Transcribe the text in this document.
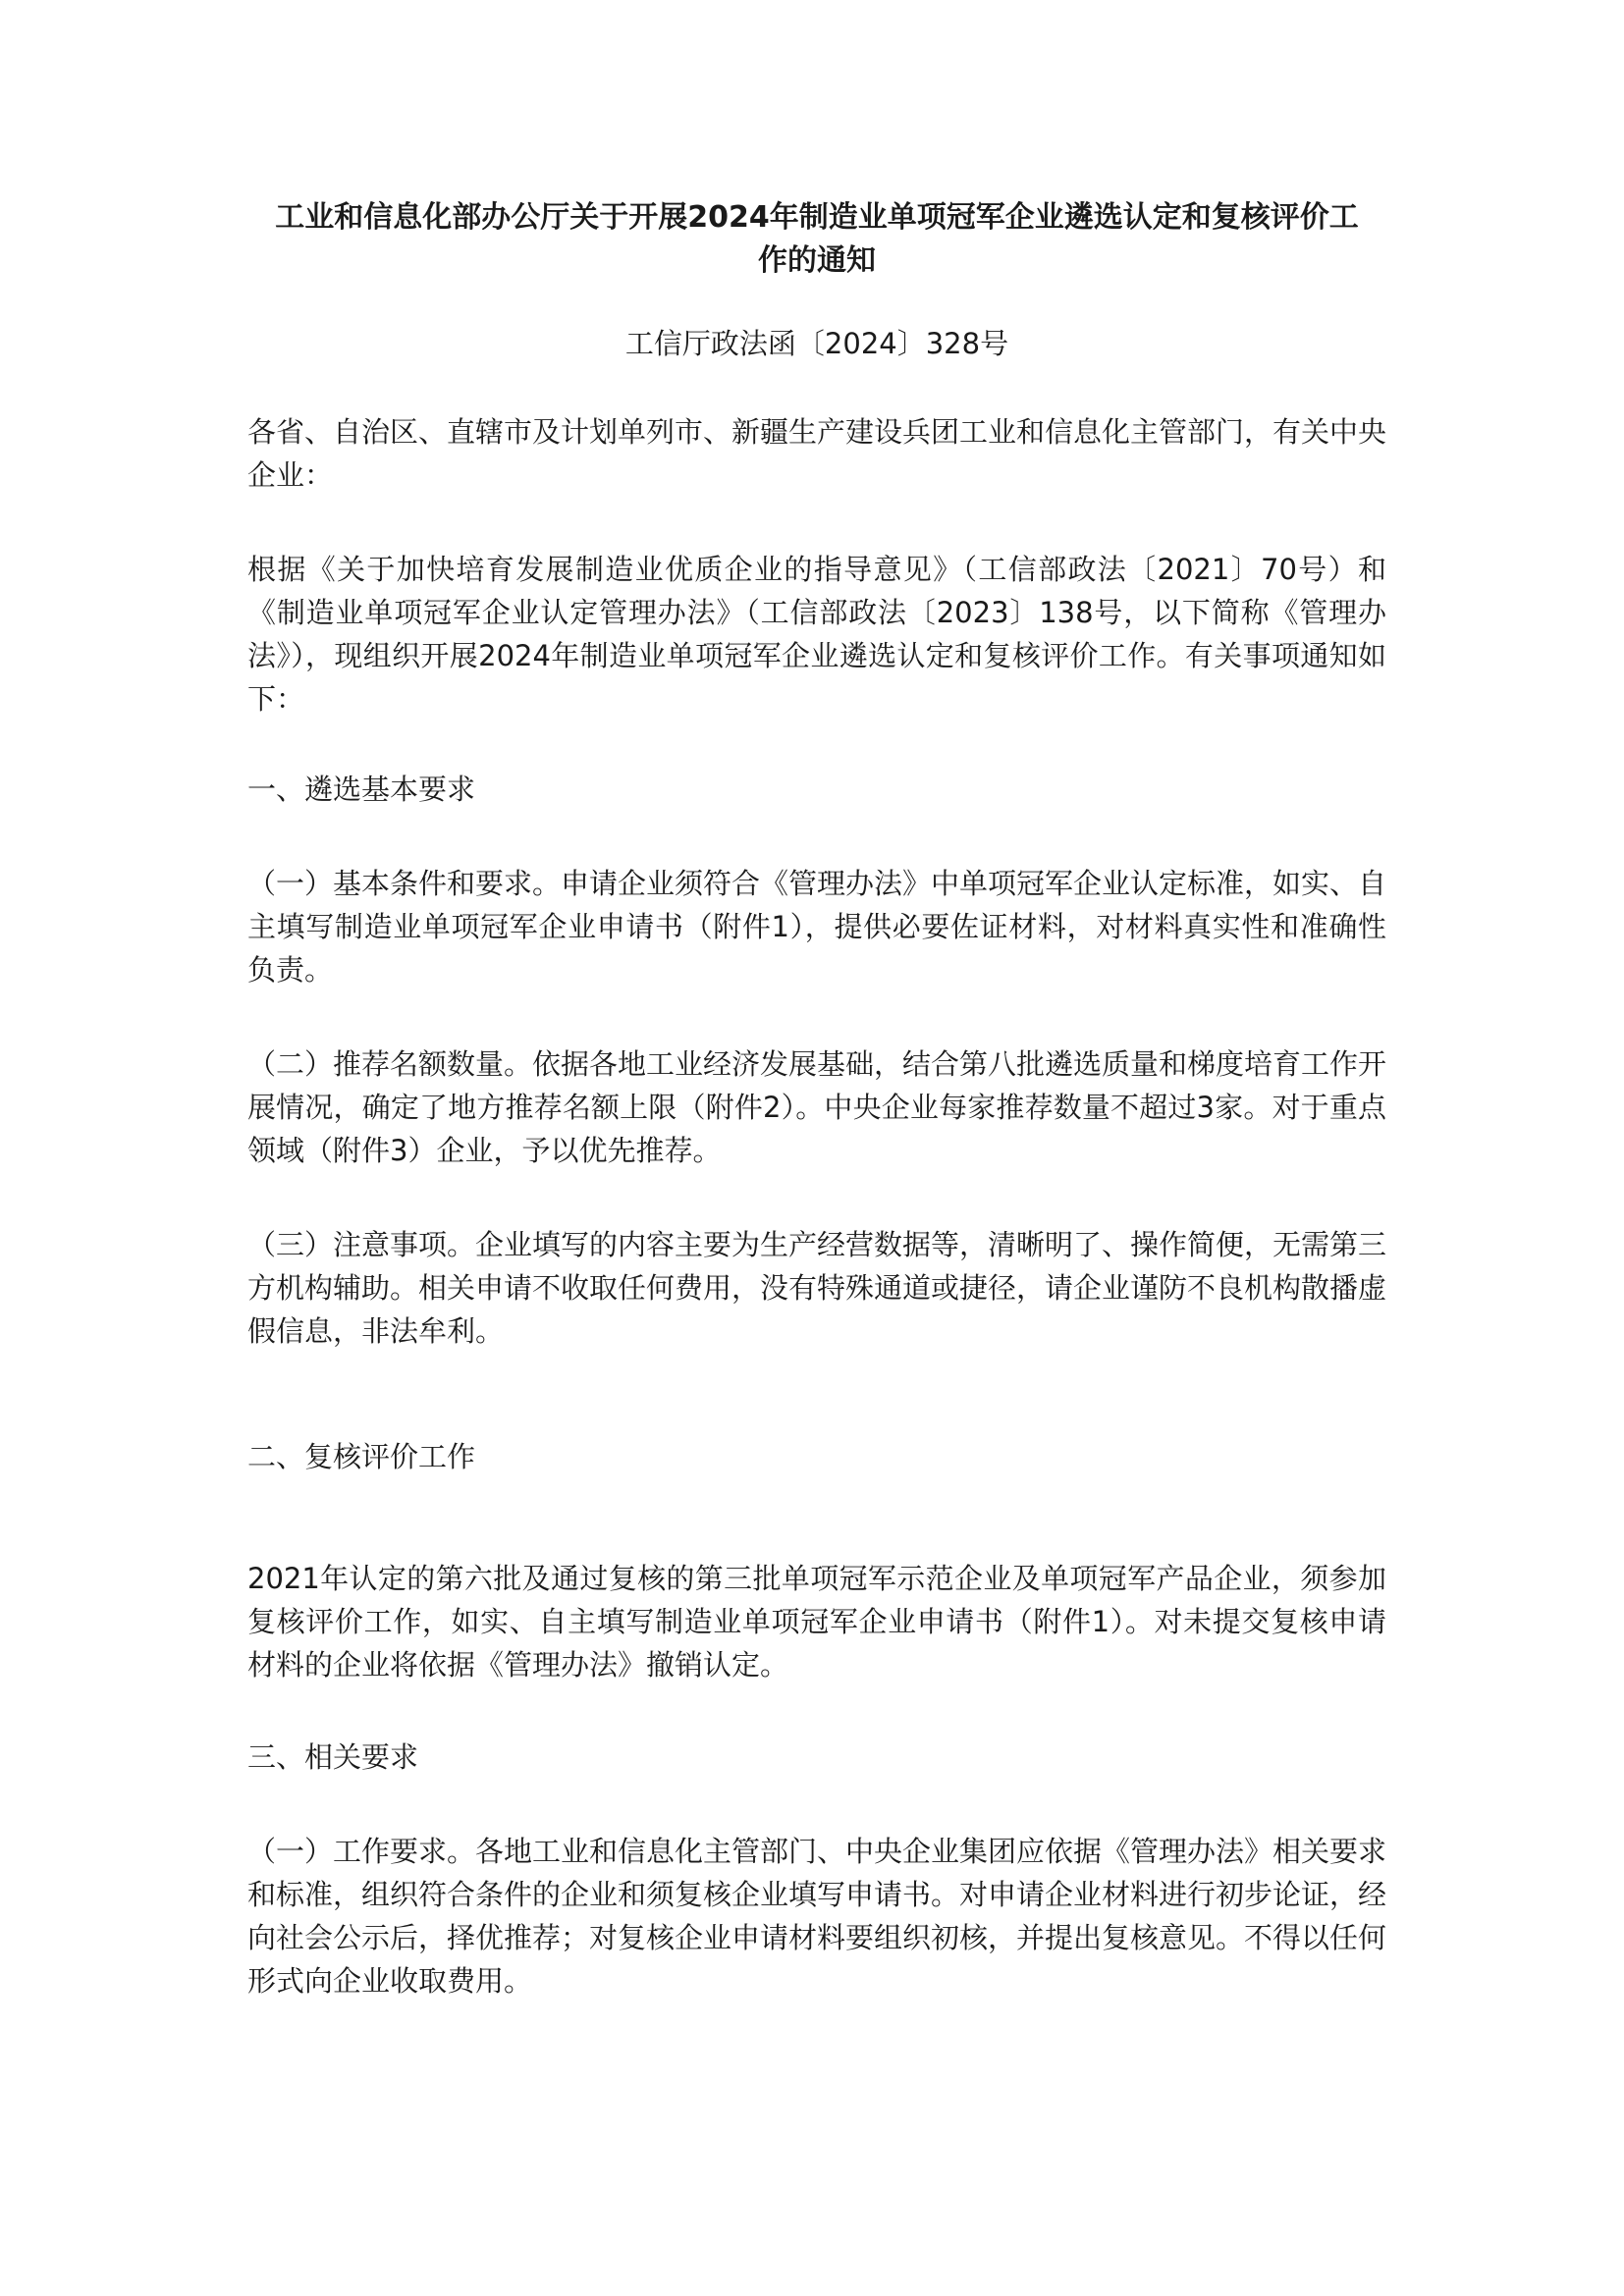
工业和信息化部办公厅关于开展2024年制造业单项冠军企业遴选认定和复核评价工作的通知

工信厅政法函〔2024〕328号

各省、自治区、直辖市及计划单列市、新疆生产建设兵团工业和信息化主管部门，有关中央企业：

根据《关于加快培育发展制造业优质企业的指导意见》（工信部政法〔2021〕70号）和《制造业单项冠军企业认定管理办法》（工信部政法〔2023〕138号，以下简称《管理办法》），现组织开展2024年制造业单项冠军企业遴选认定和复核评价工作。有关事项通知如下：

一、遴选基本要求

（一）基本条件和要求。申请企业须符合《管理办法》中单项冠军企业认定标准，如实、自主填写制造业单项冠军企业申请书（附件1），提供必要佐证材料，对材料真实性和准确性负责。

（二）推荐名额数量。依据各地工业经济发展基础，结合第八批遴选质量和梯度培育工作开展情况，确定了地方推荐名额上限（附件2）。中央企业每家推荐数量不超过3家。对于重点领域（附件3）企业，予以优先推荐。

（三）注意事项。企业填写的内容主要为生产经营数据等，清晰明了、操作简便，无需第三方机构辅助。相关申请不收取任何费用，没有特殊通道或捷径，请企业谨防不良机构散播虚假信息，非法牟利。

二、复核评价工作

2021年认定的第六批及通过复核的第三批单项冠军示范企业及单项冠军产品企业，须参加复核评价工作，如实、自主填写制造业单项冠军企业申请书（附件1）。对未提交复核申请材料的企业将依据《管理办法》撤销认定。

三、相关要求

（一）工作要求。各地工业和信息化主管部门、中央企业集团应依据《管理办法》相关要求和标准，组织符合条件的企业和须复核企业填写申请书。对申请企业材料进行初步论证，经向社会公示后，择优推荐；对复核企业申请材料要组织初核，并提出复核意见。不得以任何形式向企业收取费用。
